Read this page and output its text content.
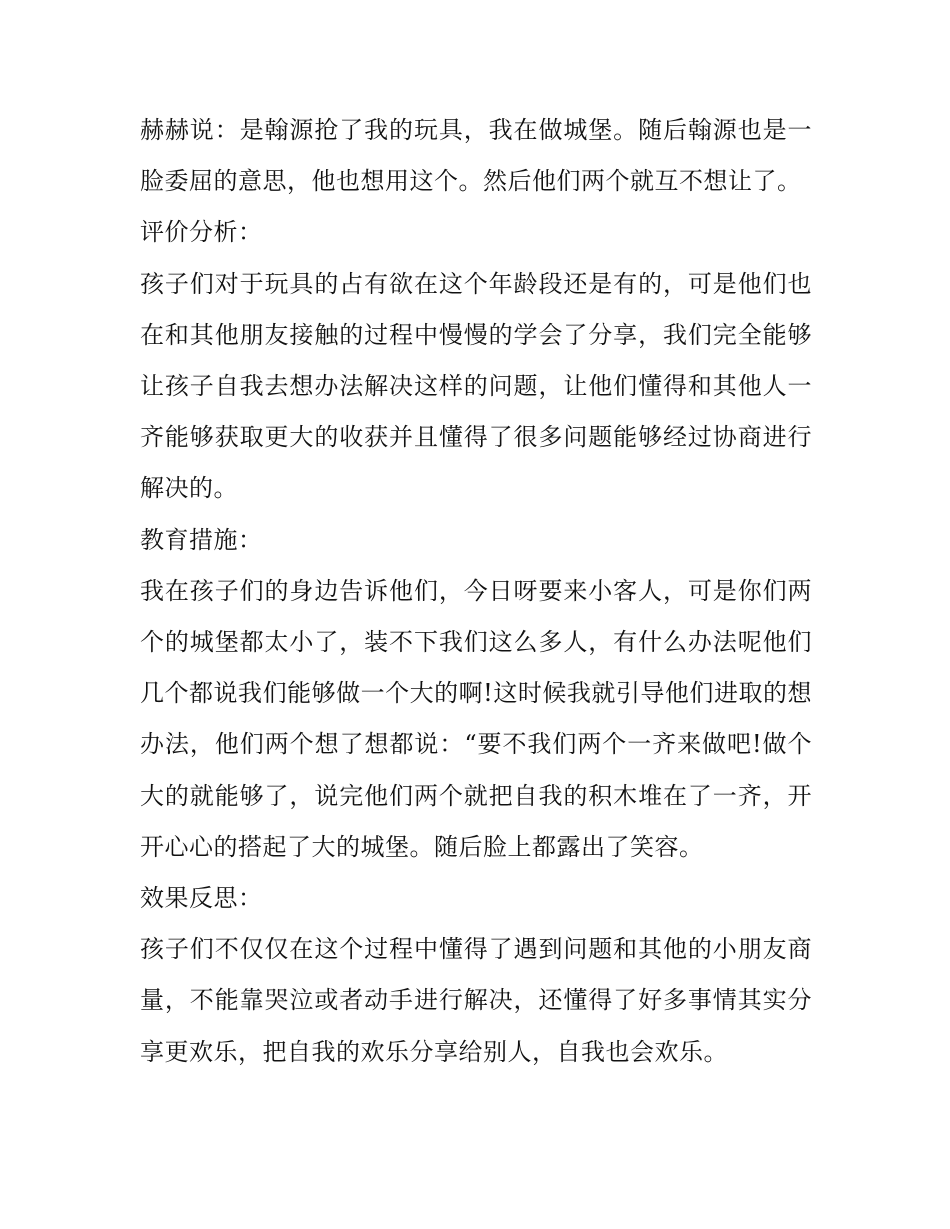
赫赫说：是翰源抢了我的玩具，我在做城堡。随后翰源也是一脸委屈的意思，他也想用这个。然后他们两个就互不想让了。

评价分析：

孩子们对于玩具的占有欲在这个年龄段还是有的，可是他们也在和其他朋友接触的过程中慢慢的学会了分享，我们完全能够让孩子自我去想办法解决这样的问题，让他们懂得和其他人一齐能够获取更大的收获并且懂得了很多问题能够经过协商进行解决的。

教育措施：

我在孩子们的身边告诉他们，今日呀要来小客人，可是你们两个的城堡都太小了，装不下我们这么多人，有什么办法呢他们几个都说我们能够做一个大的啊!这时候我就引导他们进取的想办法，他们两个想了想都说：“要不我们两个一齐来做吧!做个大的就能够了，说完他们两个就把自我的积木堆在了一齐，开开心心的搭起了大的城堡。随后脸上都露出了笑容。

效果反思：

孩子们不仅仅在这个过程中懂得了遇到问题和其他的小朋友商量，不能靠哭泣或者动手进行解决，还懂得了好多事情其实分享更欢乐，把自我的欢乐分享给别人，自我也会欢乐。
